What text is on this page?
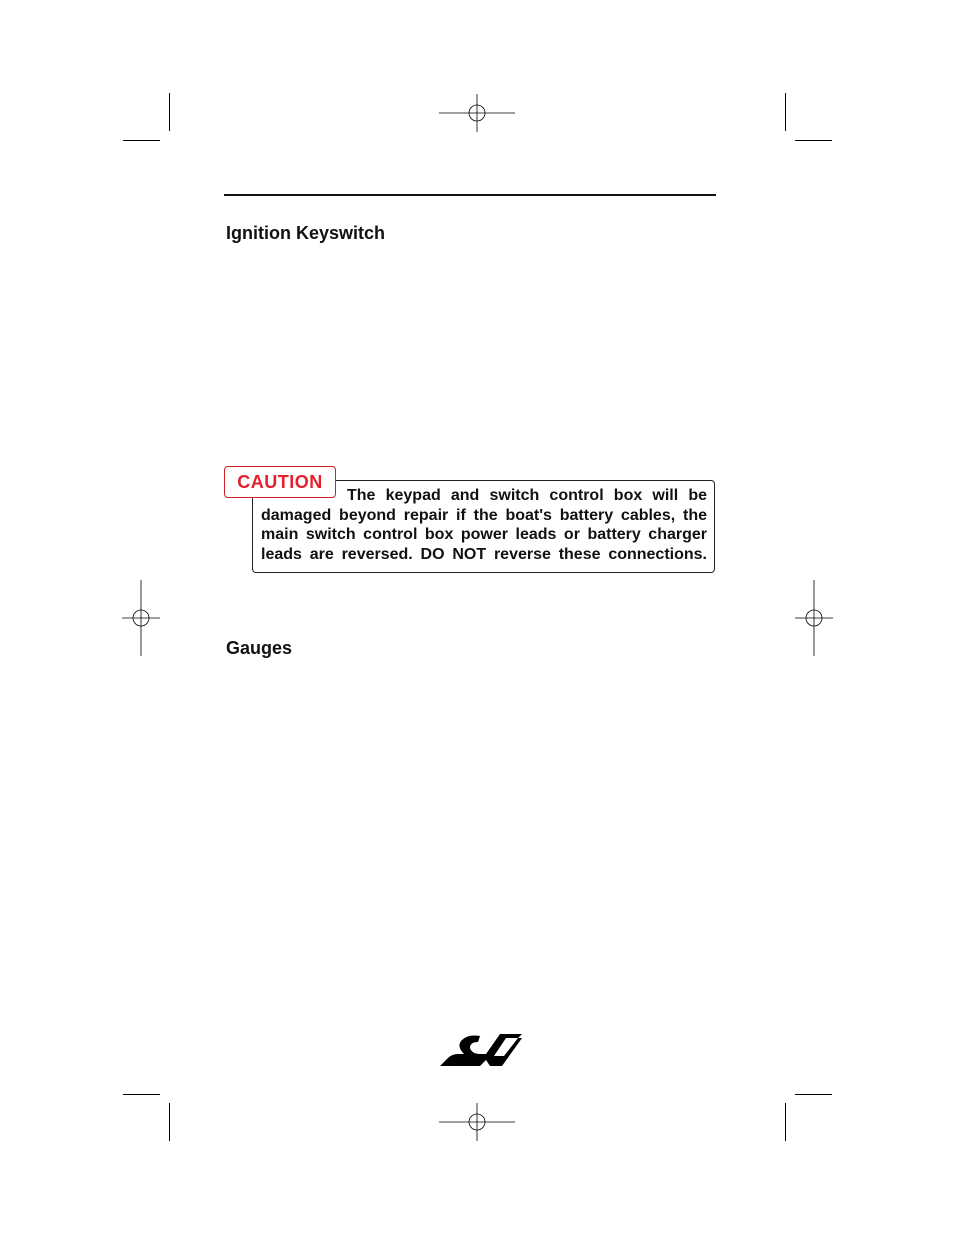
Ignition Keyswitch
CAUTION

The keypad and switch control box will be damaged beyond repair if the boat's battery cables, the main switch control box power leads or battery charger leads are reversed. DO NOT reverse these connections.

Gauges
